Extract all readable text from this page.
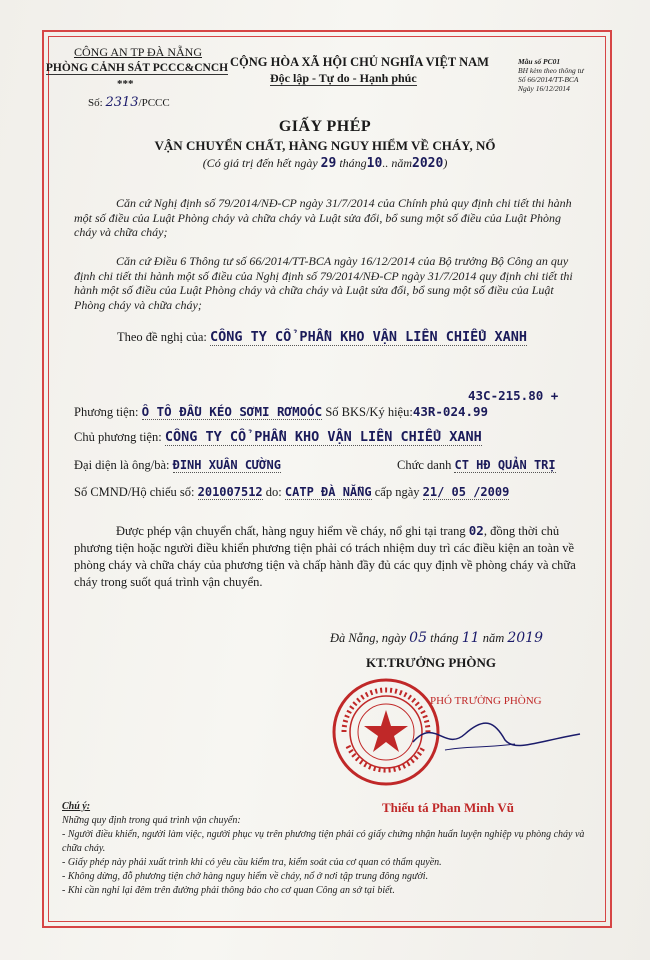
CÔNG AN TP ĐÀ NẴNG
PHÒNG CẢNH SÁT PCCC&CNCH
***
Số: 2313/PCCC
CỘNG HÒA XÃ HỘI CHỦ NGHĨA VIỆT NAM
Độc lập - Tự do - Hạnh phúc
Mẫu số PC01
BH kèm theo thông tư
Số 66/2014/TT-BCA
Ngày 16/12/2014
GIẤY PHÉP
VẬN CHUYỂN CHẤT, HÀNG NGUY HIỂM VỀ CHÁY, NỔ
(Có giá trị đến hết ngày 29 tháng10.. năm2020)
Căn cứ Nghị định số 79/2014/NĐ-CP ngày 31/7/2014 của Chính phủ quy định chi tiết thi hành một số điều của Luật Phòng cháy và chữa cháy và Luật sửa đổi, bổ sung một số điều của Luật Phòng cháy và chữa cháy;
Căn cứ Điều 6 Thông tư số 66/2014/TT-BCA ngày 16/12/2014 của Bộ trưởng Bộ Công an quy định chi tiết thi hành một số điều của Nghị định số 79/2014/NĐ-CP ngày 31/7/2014 quy định chi tiết thi hành một số điều của Luật Phòng cháy và chữa cháy và Luật sửa đổi, bổ sung một số điều của Luật Phòng cháy và chữa cháy;
Theo đề nghị của: CÔNG TY CỔ PHẦN KHO VẬN LIÊN CHIỂU XANH
43C-215.80 +
Phương tiện: Ô TÔ ĐẦU KÉO SƠMI RƠMOÓC Số BKS/Ký hiệu:43R-024.99
Chủ phương tiện: CÔNG TY CỔ PHẦN KHO VẬN LIÊN CHIỂU XANH
Đại diện là ông/bà: ĐINH XUÂN CƯỜNG	Chức danh CT HĐ QUẢN TRỊ
Số CMND/Hộ chiếu số: 201007512 do: CATP ĐÀ NẴNG cấp ngày 21/ 05 /2009
Được phép vận chuyển chất, hàng nguy hiểm về cháy, nổ ghi tại trang 02, đồng thời chủ phương tiện hoặc người điều khiển phương tiện phải có trách nhiệm duy trì các điều kiện an toàn về phòng cháy và chữa cháy của phương tiện và chấp hành đầy đủ các quy định về phòng cháy và chữa cháy trong suốt quá trình vận chuyển.
Đà Nẵng, ngày 05 tháng 11 năm 2019
KT.TRƯỞNG PHÒNG
PHÓ TRƯỞNG PHÒNG
Thiếu tá Phan Minh Vũ
Chú ý:
Những quy định trong quá trình vận chuyển:
- Người điều khiển, người làm việc, người phục vụ trên phương tiện phải có giấy chứng nhận huấn luyện nghiệp vụ phòng cháy và chữa cháy.
- Giấy phép này phải xuất trình khi có yêu cầu kiểm tra, kiểm soát của cơ quan có thẩm quyền.
- Không dừng, đỗ phương tiện chở hàng nguy hiểm về cháy, nổ ở nơi tập trung đông người.
- Khi cần nghỉ lại đêm trên đường phải thông báo cho cơ quan Công an sở tại biết.
